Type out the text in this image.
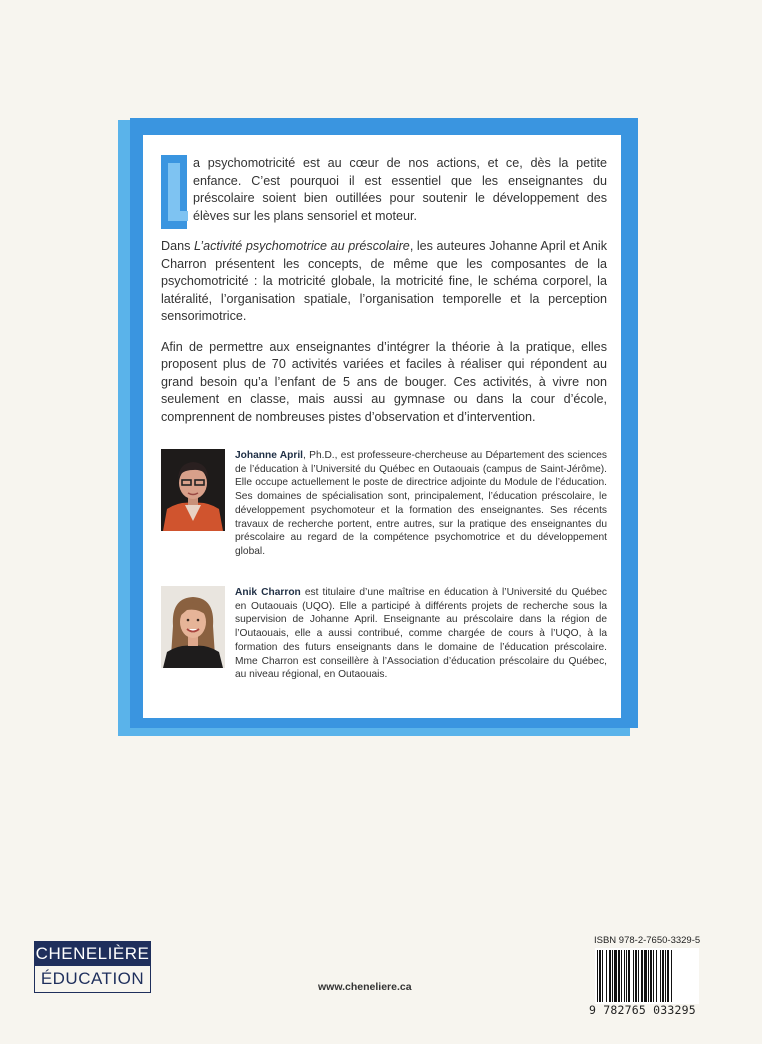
a psychomotricité est au cœur de nos actions, et ce, dès la petite enfance. C’est pourquoi il est essentiel que les enseignantes du préscolaire soient bien outillées pour soutenir le développement des élèves sur les plans sensoriel et moteur.

Dans L’activité psychomotrice au préscolaire, les auteures Johanne April et Anik Charron présentent les concepts, de même que les composantes de la psychomotricité : la motricité globale, la motricité fine, le schéma corporel, la latéralité, l’organisation spatiale, l’organisation temporelle et la perception sensorimotrice.

Afin de permettre aux enseignantes d’intégrer la théorie à la pratique, elles proposent plus de 70 activités variées et faciles à réaliser qui répondent au grand besoin qu’a l’enfant de 5 ans de bouger. Ces activités, à vivre non seulement en classe, mais aussi au gymnase ou dans la cour d’école, comprennent de nombreuses pistes d’observation et d’intervention.

Johanne April, Ph.D., est professeure-chercheuse au Département des sciences de l’éducation à l’Université du Québec en Outaouais (campus de Saint-Jérôme). Elle occupe actuellement le poste de directrice adjointe du Module de l’éducation. Ses domaines de spécialisation sont, principalement, l’éducation préscolaire, le développement psychomoteur et la formation des enseignantes. Ses récents travaux de recherche portent, entre autres, sur la pratique des enseignantes du préscolaire au regard de la compétence psychomotrice et du développement global.

Anik Charron est titulaire d’une maîtrise en éducation à l’Université du Québec en Outaouais (UQO). Elle a participé à différents projets de recherche sous la supervision de Johanne April. Enseignante au préscolaire dans la région de l’Outaouais, elle a aussi contribué, comme chargée de cours à l’UQO, à la formation des futurs enseignants dans le domaine de l’éducation préscolaire. Mme Charron est conseillère à l’Association d’éducation préscolaire du Québec, au niveau régional, en Outaouais.

CHENELIÈRE
ÉDUCATION	www.cheneliere.ca
ISBN 978-2-7650-3329-5
9 782765 033295
